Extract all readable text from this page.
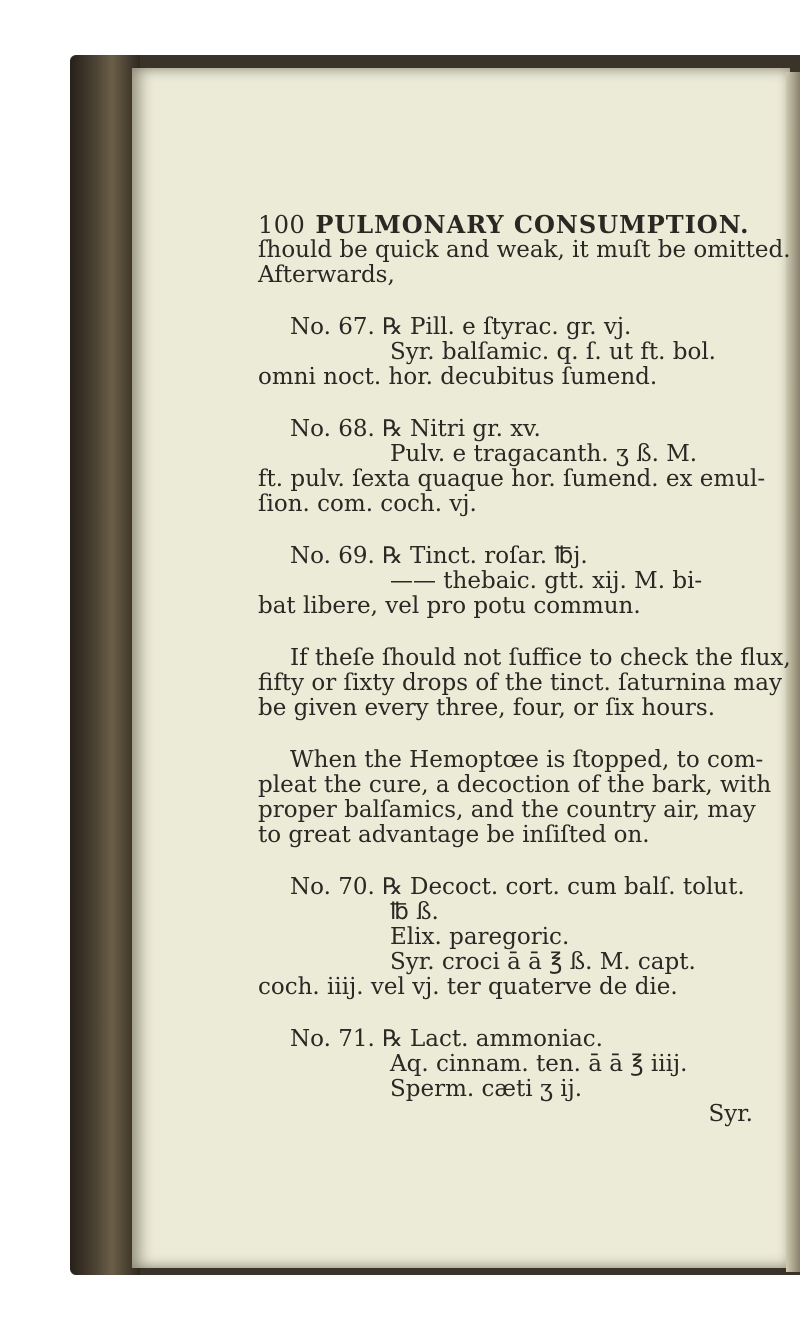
100 PULMONARY CONSUMPTION.
ſhould be quick and weak, it muſt be omitted.
Afterwards,
No. 67. ℞ Pill. e ſtyrac. gr. vj.
Syr. balſamic. q. ſ. ut ft. bol.
omni noct. hor. decubitus ſumend.
No. 68. ℞ Nitri gr. xv.
Pulv. e tragacanth. ʒ ß. M.
ft. pulv. ſexta quaque hor. ſumend. ex emul-
ſion. com. coch. vj.
No. 69. ℞ Tinct. roſar. ℔j.
—— thebaic. gtt. xij. M. bi-
bat libere, vel pro potu commun.
If theſe ſhould not ſuffice to check the flux,
fifty or ſixty drops of the tinct. ſaturnina may
be given every three, four, or ſix hours.
When the Hemoptœe is ſtopped, to com-
pleat the cure, a decoction of the bark, with
proper balſamics, and the country air, may
to great advantage be inſiſted on.
No. 70. ℞ Decoct. cort. cum balſ. tolut.
℔ ß.
Elix. paregoric.
Syr. croci ā ā ℥ ß. M. capt.
coch. iiij. vel vj. ter quaterve de die.
No. 71. ℞ Lact. ammoniac.
Aq. cinnam. ten. ā ā ℥ iiij.
Sperm. cæti ʒ ij.
Syr.
